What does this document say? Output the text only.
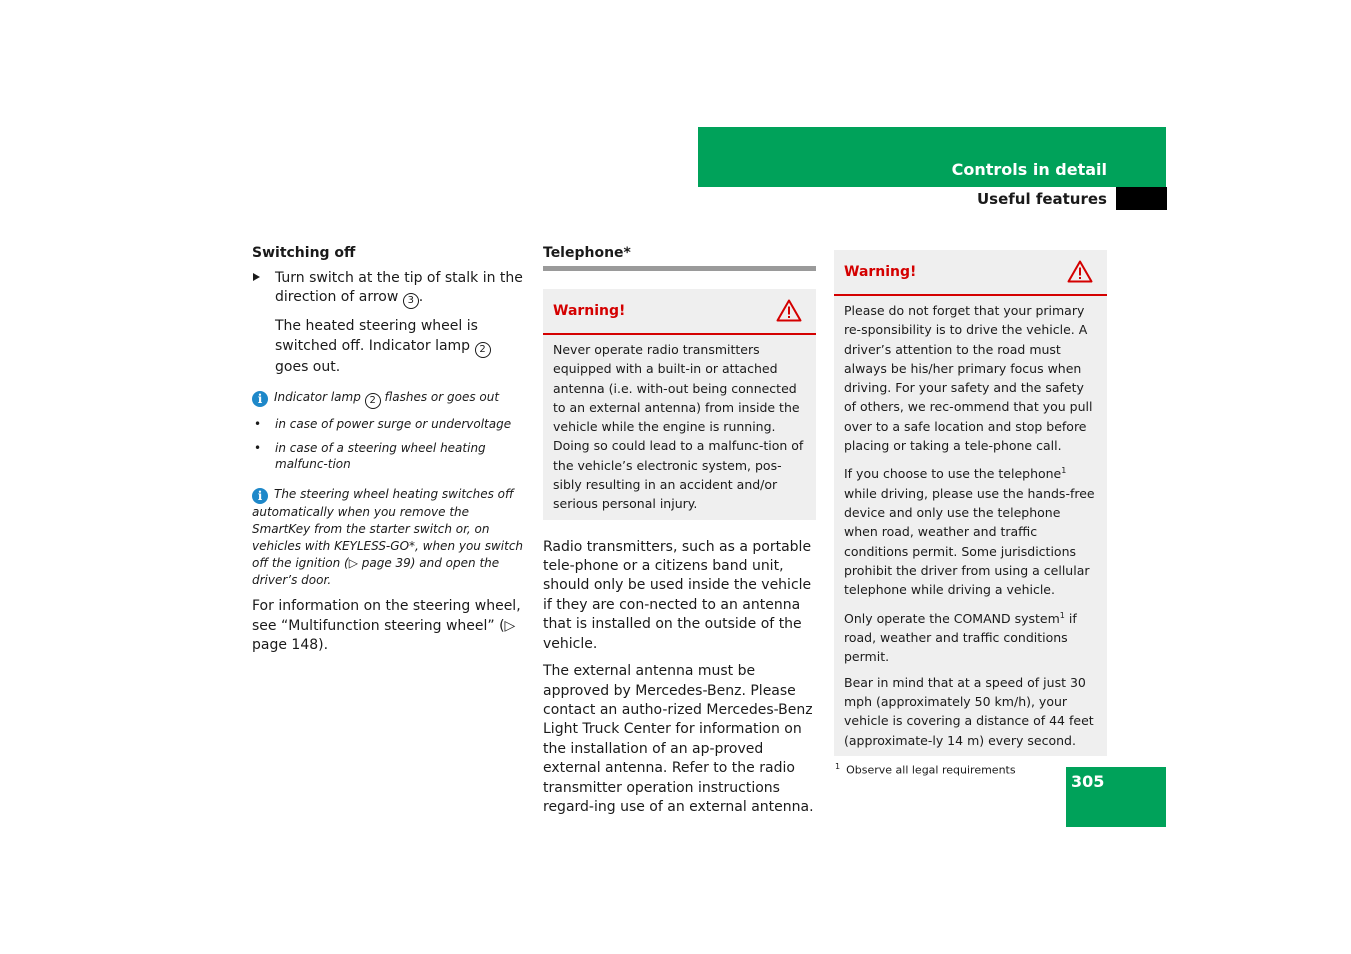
Controls in detail
Useful features
Switching off
Turn switch at the tip of stalk in the direction of arrow 3 .
The heated steering wheel is switched off. Indicator lamp 2 goes out.
i Indicator lamp 2 flashes or goes out
• in case of power surge or undervoltage
• in case of a steering wheel heating malfunc-tion
i The steering wheel heating switches off automatically when you remove the SmartKey from the starter switch or, on vehicles with KEYLESS-GO*, when you switch off the ignition (▷ page 39) and open the driver’s door.
For information on the steering wheel, see “Multifunction steering wheel” (▷ page 148).
Telephone*
Warning!
Never operate radio transmitters equipped with a built-in or attached antenna (i.e. with-out being connected to an external antenna) from inside the vehicle while the engine is running. Doing so could lead to a malfunc-tion of the vehicle’s electronic system, pos-sibly resulting in an accident and/or serious personal injury.

Radio transmitters, such as a portable tele-phone or a citizens band unit, should only be used inside the vehicle if they are con-nected to an antenna that is installed on the outside of the vehicle.

The external antenna must be approved by Mercedes-Benz. Please contact an autho-rized Mercedes-Benz Light Truck Center for information on the installation of an ap-proved external antenna. Refer to the radio transmitter operation instructions regard-ing use of an external antenna.

Warning!

Please do not forget that your primary re-sponsibility is to drive the vehicle. A driver’s attention to the road must always be his/her primary focus when driving. For your safety and the safety of others, we rec-ommend that you pull over to a safe location and stop before placing or taking a tele-phone call.

If you choose to use the telephone$^1$ while driving, please use the hands-free device and only use the telephone when road, weather and traffic conditions permit. Some jurisdictions prohibit the driver from using a cellular telephone while driving a vehicle.

Only operate the COMAND system$^1$ if road, weather and traffic conditions permit.

Bear in mind that at a speed of just 30 mph (approximately 50 km/h), your vehicle is covering a distance of 44 feet (approximate-ly 14 m) every second.

$^1$ Observe all legal requirements
305
